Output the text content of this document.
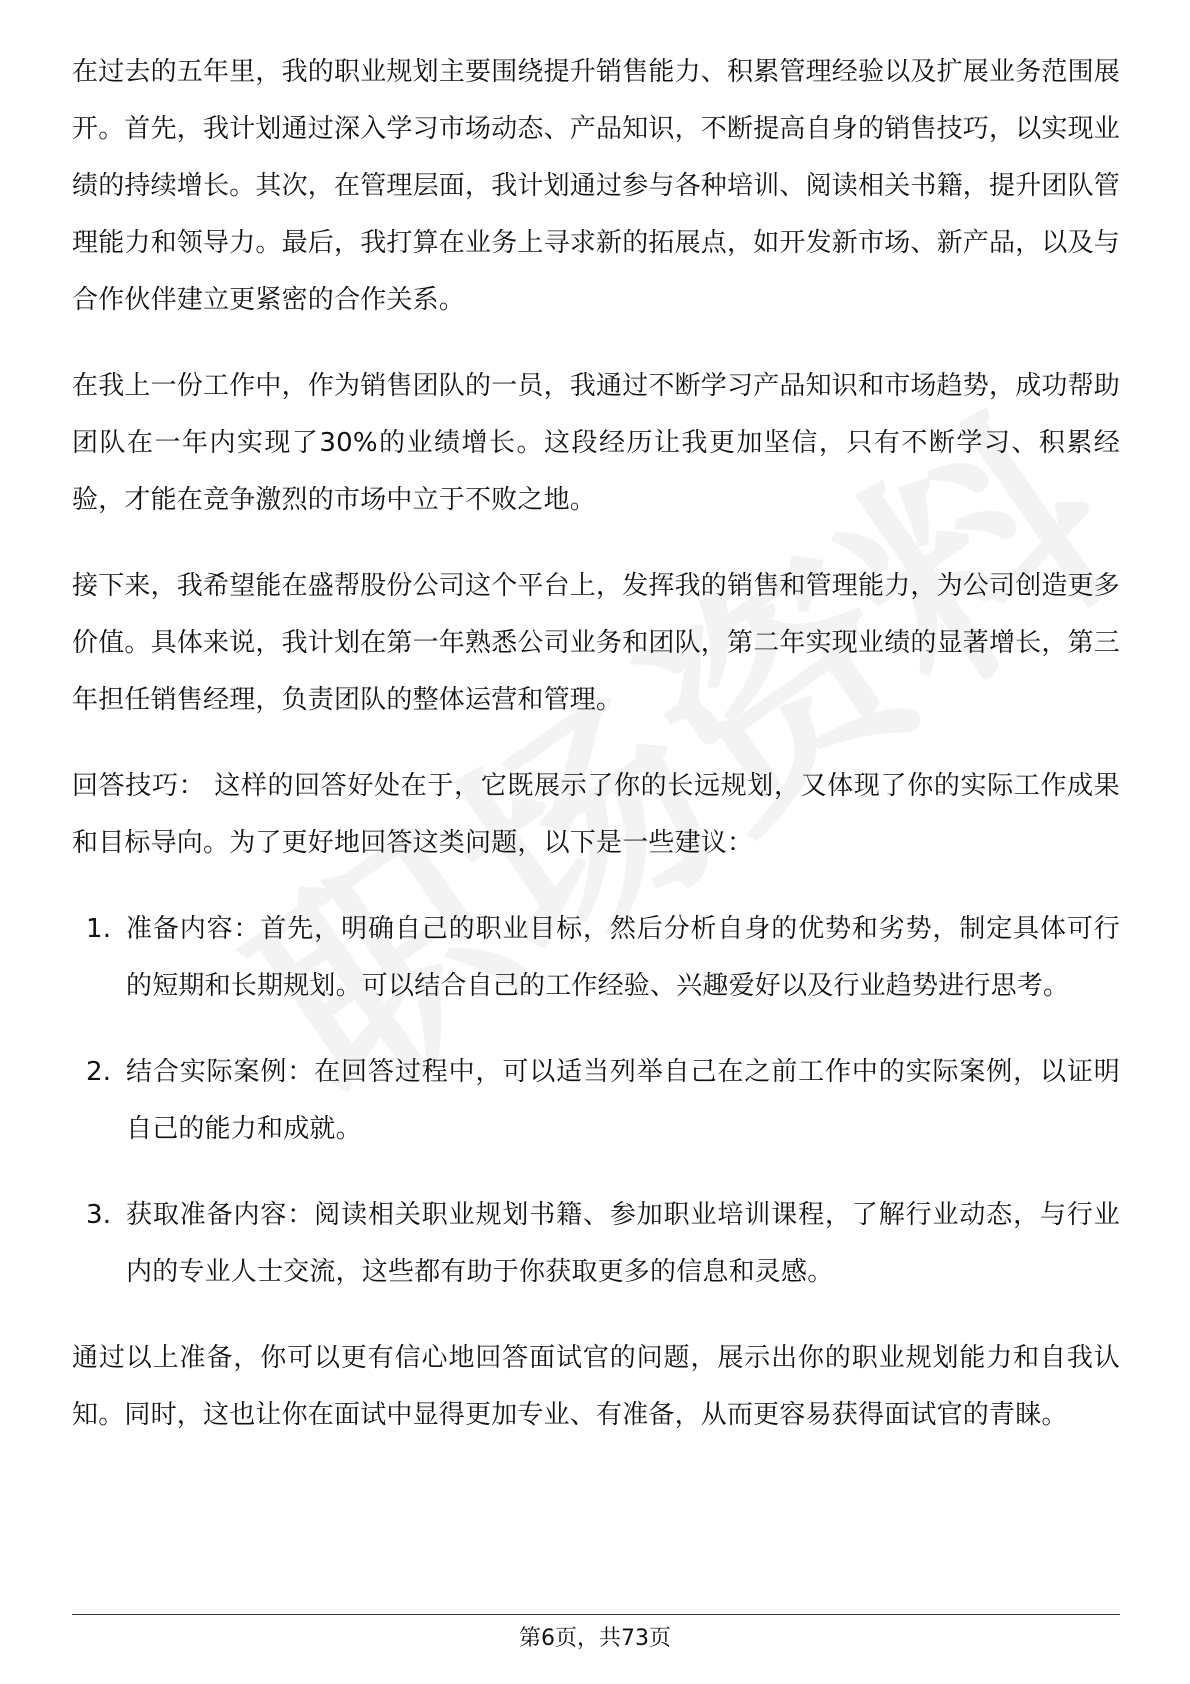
在过去的五年里，我的职业规划主要围绕提升销售能力、积累管理经验以及扩展业务范围展开。首先，我计划通过深入学习市场动态、产品知识，不断提高自身的销售技巧，以实现业绩的持续增长。其次，在管理层面，我计划通过参与各种培训、阅读相关书籍，提升团队管理能力和领导力。最后，我打算在业务上寻求新的拓展点，如开发新市场、新产品，以及与合作伙伴建立更紧密的合作关系。

在我上一份工作中，作为销售团队的一员，我通过不断学习产品知识和市场趋势，成功帮助团队在一年内实现了30%的业绩增长。这段经历让我更加坚信，只有不断学习、积累经验，才能在竞争激烈的市场中立于不败之地。

接下来，我希望能在盛帮股份公司这个平台上，发挥我的销售和管理能力，为公司创造更多价值。具体来说，我计划在第一年熟悉公司业务和团队，第二年实现业绩的显著增长，第三年担任销售经理，负责团队的整体运营和管理。

回答技巧： 这样的回答好处在于，它既展示了你的长远规划，又体现了你的实际工作成果和目标导向。为了更好地回答这类问题，以下是一些建议：

1. 准备内容：首先，明确自己的职业目标，然后分析自身的优势和劣势，制定具体可行的短期和长期规划。可以结合自己的工作经验、兴趣爱好以及行业趋势进行思考。
2. 结合实际案例：在回答过程中，可以适当列举自己在之前工作中的实际案例，以证明自己的能力和成就。
3. 获取准备内容：阅读相关职业规划书籍、参加职业培训课程，了解行业动态，与行业内的专业人士交流，这些都有助于你获取更多的信息和灵感。

通过以上准备，你可以更有信心地回答面试官的问题，展示出你的职业规划能力和自我认知。同时，这也让你在面试中显得更加专业、有准备，从而更容易获得面试官的青睐。

第6页，共73页
